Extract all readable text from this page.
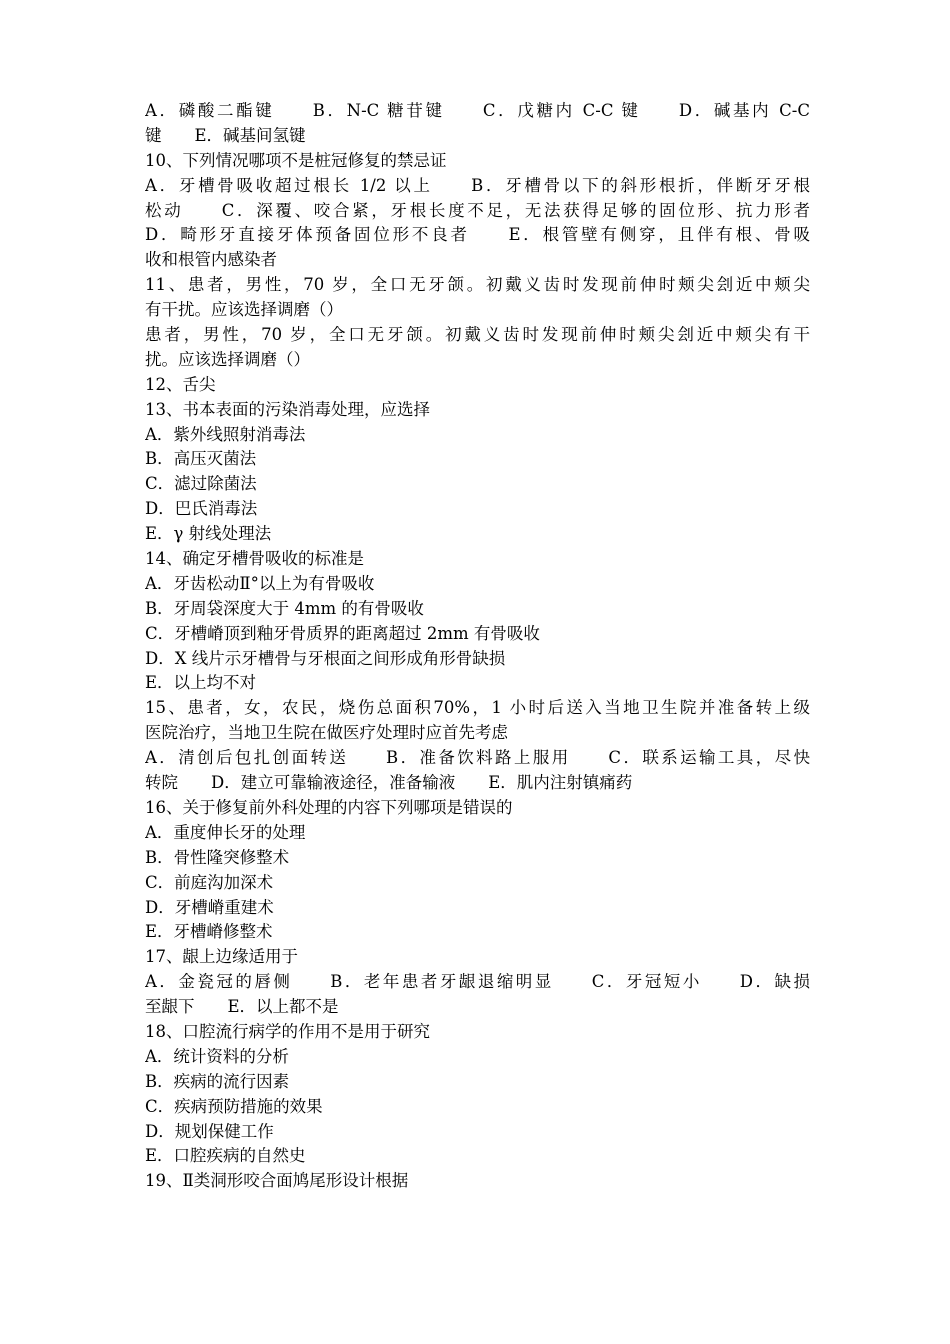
A．磷酸二酯键　　B．N-C 糖苷键　　C．戊糖内 C-C 键　　D．碱基内 C-C
键　　E．碱基间氢键
10、下列情况哪项不是桩冠修复的禁忌证
A．牙槽骨吸收超过根长 1/2 以上　　B．牙槽骨以下的斜形根折，伴断牙牙根
松动　　C．深覆、咬合紧，牙根长度不足，无法获得足够的固位形、抗力形者
D．畸形牙直接牙体预备固位形不良者　　E．根管壁有侧穿，且伴有根、骨吸
收和根管内感染者
11、患者，男性，70 岁，全口无牙颌。初戴义齿时发现前伸时颊尖刽近中颊尖
有干扰。应该选择调磨（）
患者，男性，70 岁，全口无牙颌。初戴义齿时发现前伸时颊尖刽近中颊尖有干
扰。应该选择调磨（）
12、舌尖
13、书本表面的污染消毒处理，应选择
A．紫外线照射消毒法
B．高压灭菌法
C．滤过除菌法
D．巴氏消毒法
E．γ 射线处理法
14、确定牙槽骨吸收的标准是
A．牙齿松动Ⅱ°以上为有骨吸收
B．牙周袋深度大于 4mm 的有骨吸收
C．牙槽嵴顶到釉牙骨质界的距离超过 2mm 有骨吸收
D．X 线片示牙槽骨与牙根面之间形成角形骨缺损
E．以上均不对
15、患者，女，农民，烧伤总面积70%，1 小时后送入当地卫生院并准备转上级
医院治疗，当地卫生院在做医疗处理时应首先考虑
A．清创后包扎创面转送　　B．准备饮料路上服用　　C．联系运输工具，尽快
转院　　D．建立可靠输液途径，准备输液　　E．肌内注射镇痛药
16、关于修复前外科处理的内容下列哪项是错误的
A．重度伸长牙的处理
B．骨性隆突修整术
C．前庭沟加深术
D．牙槽嵴重建术
E．牙槽嵴修整术
17、龈上边缘适用于
A．金瓷冠的唇侧　　B．老年患者牙龈退缩明显　　C．牙冠短小　　D．缺损
至龈下　　E．以上都不是
18、口腔流行病学的作用不是用于研究
A．统计资料的分析
B．疾病的流行因素
C．疾病预防措施的效果
D．规划保健工作
E．口腔疾病的自然史
19、Ⅱ类洞形咬合面鸠尾形设计根据
